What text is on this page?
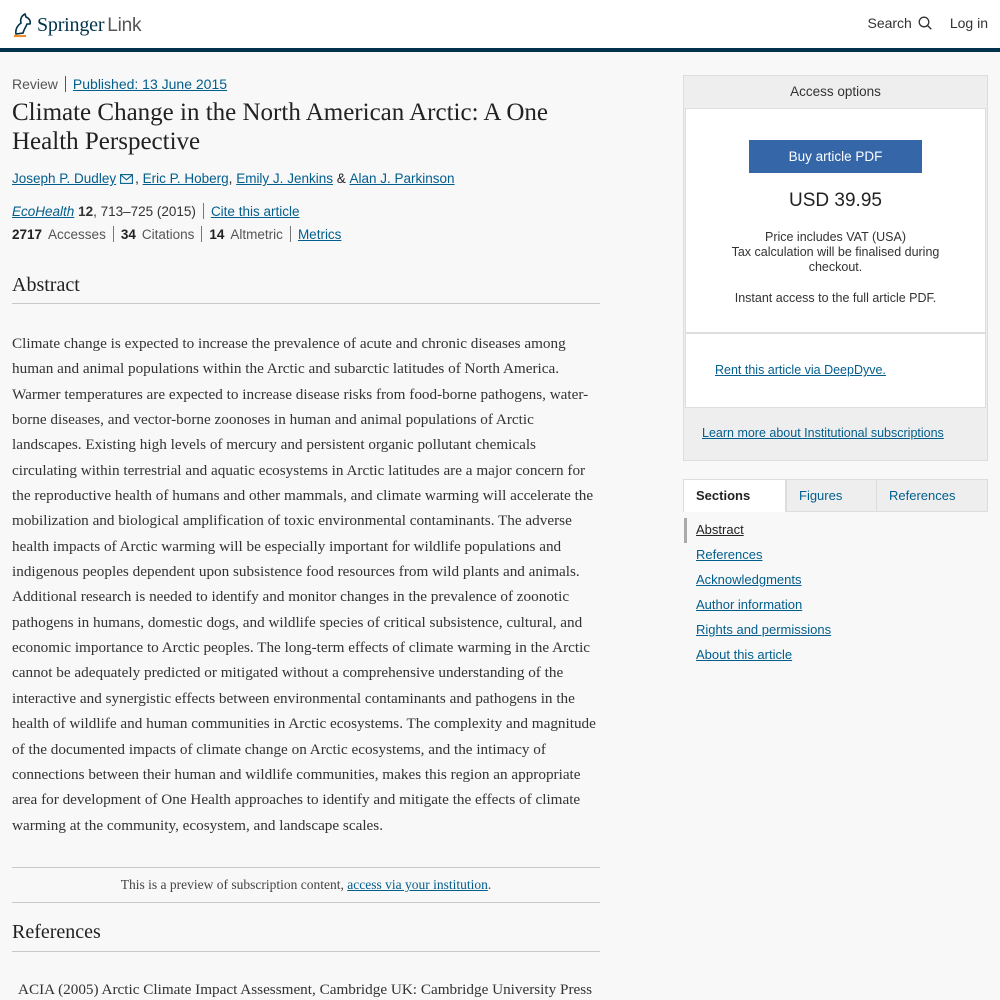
Springer Link	Search	Log in
Review Published: 13 June 2015
Climate Change in the North American Arctic: A One Health Perspective
Joseph P. Dudley ,
Eric P. Hoberg ,
Emily J. Jenkins
&
Alan J. Parkinson
EcoHealth
12 , 713–725 (2015) Cite this article
2717 Accesses 34 Citations 14 Altmetric Metrics
Abstract

Climate change is expected to increase the prevalence of acute and chronic diseases among human and animal populations within the Arctic and subarctic latitudes of North America. Warmer temperatures are expected to increase disease risks from food-borne pathogens, water-borne diseases, and vector-borne zoonoses in human and animal populations of Arctic landscapes. Existing high levels of mercury and persistent organic pollutant chemicals circulating within terrestrial and aquatic ecosystems in Arctic latitudes are a major concern for the reproductive health of humans and other mammals, and climate warming will accelerate the mobilization and biological amplification of toxic environmental contaminants. The adverse health impacts of Arctic warming will be especially important for wildlife populations and indigenous peoples dependent upon subsistence food resources from wild plants and animals. Additional research is needed to identify and monitor changes in the prevalence of zoonotic pathogens in humans, domestic dogs, and wildlife species of critical subsistence, cultural, and economic importance to Arctic peoples. The long-term effects of climate warming in the Arctic cannot be adequately predicted or mitigated without a comprehensive understanding of the interactive and synergistic effects between environmental contaminants and pathogens in the health of wildlife and human communities in Arctic ecosystems. The complexity and magnitude of the documented impacts of climate change on Arctic ecosystems, and the intimacy of connections between their human and wildlife communities, makes this region an appropriate area for development of One Health approaches to identify and mitigate the effects of climate warming at the community, ecosystem, and landscape scales.

This is a preview of subscription content, access via your institution.
References
ACIA (2005) Arctic Climate Impact Assessment, Cambridge UK: Cambridge University Press
Access options
Buy article PDF
USD 39.95
Price includes VAT (USA)
Tax calculation will be finalised during checkout.
Instant access to the full article PDF.
Rent this article via DeepDyve.
Learn more about Institutional subscriptions
Sections	Figures	References
Abstract
References
Acknowledgments
Author information
Rights and permissions
About this article
